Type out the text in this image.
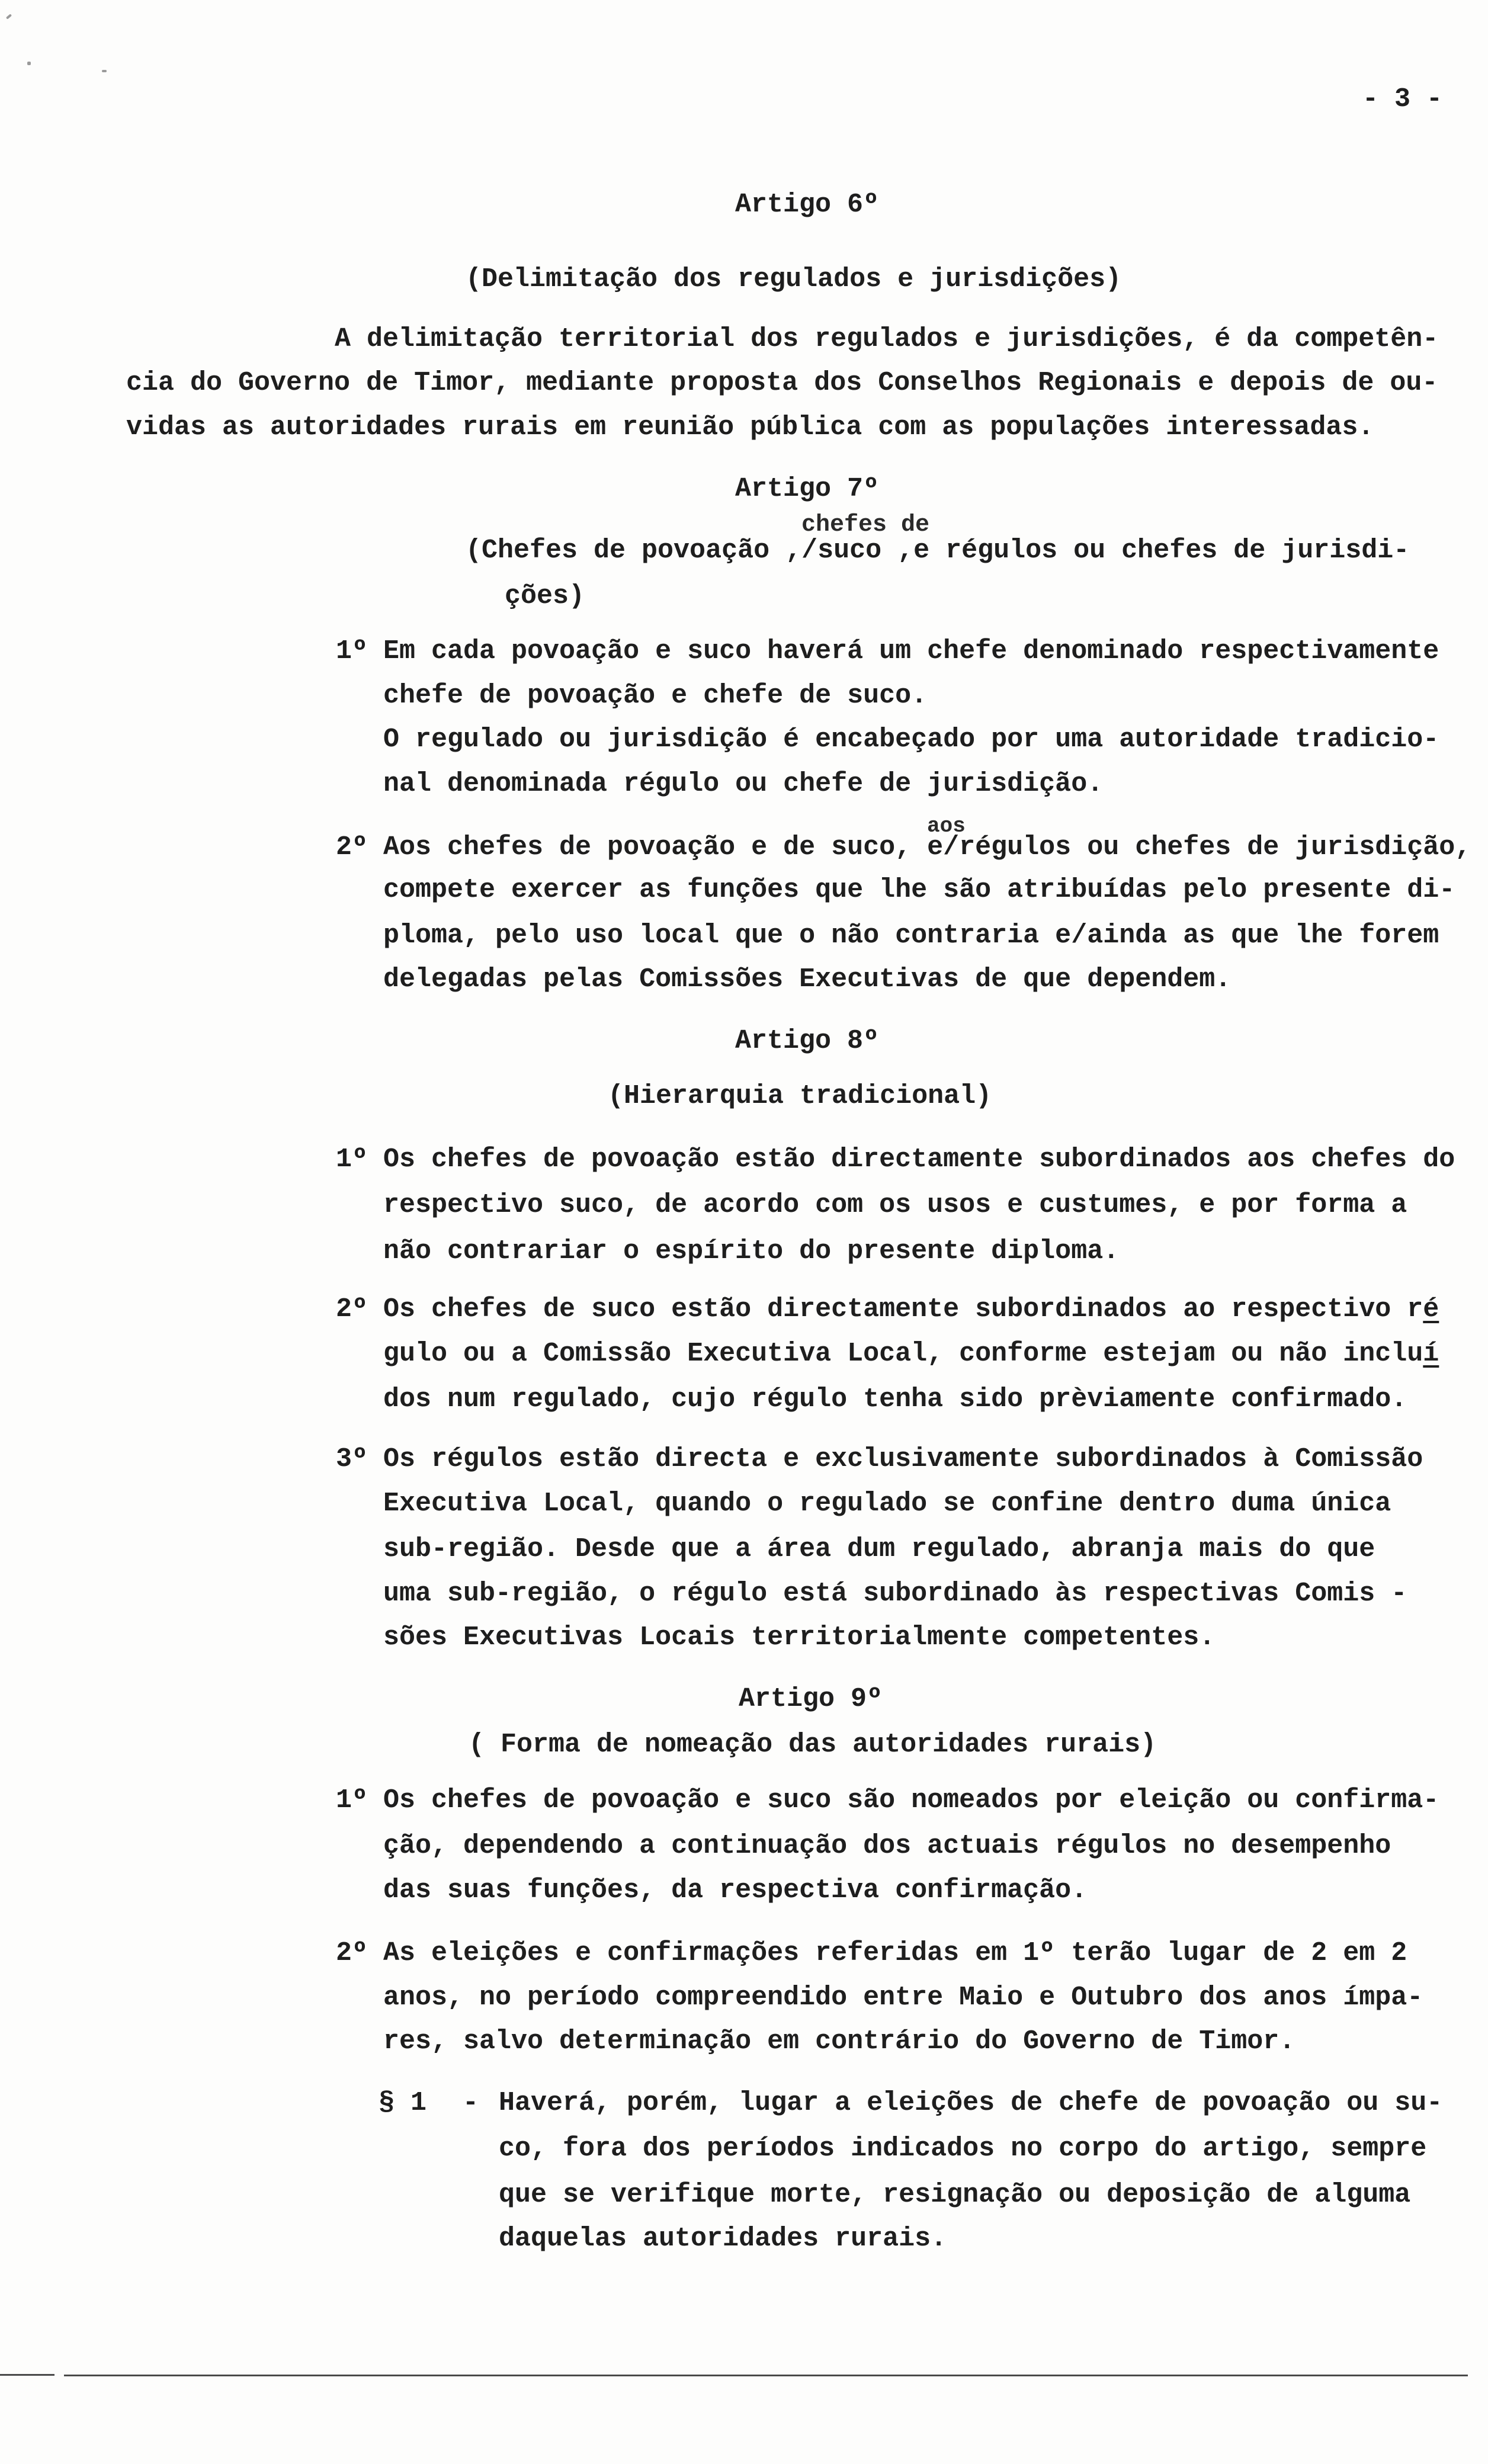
- 3 -
Artigo 6º
(Delimitação dos regulados e jurisdições)
A delimitação territorial dos regulados e jurisdições, é da competên-
cia do Governo de Timor, mediante proposta dos Conselhos Regionais e depois de ou-
vidas as autoridades rurais em reunião pública com as populações interessadas.
Artigo 7º
chefes de
(Chefes de povoação ,/suco ,e régulos ou chefes de jurisdi-
ções)
1º Em cada povoação e suco haverá um chefe denominado respectivamente
chefe de povoação e chefe de suco.
O regulado ou jurisdição é encabeçado por uma autoridade tradicio-
nal denominada régulo ou chefe de jurisdição.
aos
2º Aos chefes de povoação e de suco, e/régulos ou chefes de jurisdição,
compete exercer as funções que lhe são atribuídas pelo presente di-
ploma, pelo uso local que o não contraria e/ainda as que lhe forem
delegadas pelas Comissões Executivas de que dependem.
Artigo 8º
(Hierarquia tradicional)
1º Os chefes de povoação estão directamente subordinados aos chefes do
respectivo suco, de acordo com os usos e custumes, e por forma a
não contrariar o espírito do presente diploma.
2º Os chefes de suco estão directamente subordinados ao respectivo ré
gulo ou a Comissão Executiva Local, conforme estejam ou não incluí
dos num regulado, cujo régulo tenha sido prèviamente confirmado.
3º Os régulos estão directa e exclusivamente subordinados à Comissão
Executiva Local, quando o regulado se confine dentro duma única
sub-região. Desde que a área dum regulado, abranja mais do que
uma sub-região, o régulo está subordinado às respectivas Comis -
sões Executivas Locais territorialmente competentes.
Artigo 9º
( Forma de nomeação das autoridades rurais)
1º Os chefes de povoação e suco são nomeados por eleição ou confirma-
ção, dependendo a continuação dos actuais régulos no desempenho
das suas funções, da respectiva confirmação.
2º As eleições e confirmações referidas em 1º terão lugar de 2 em 2
anos, no período compreendido entre Maio e Outubro dos anos ímpa-
res, salvo determinação em contrário do Governo de Timor.
§ 1 - Haverá, porém, lugar a eleições de chefe de povoação ou su-
co, fora dos períodos indicados no corpo do artigo, sempre
que se verifique morte, resignação ou deposição de alguma
daquelas autoridades rurais.
